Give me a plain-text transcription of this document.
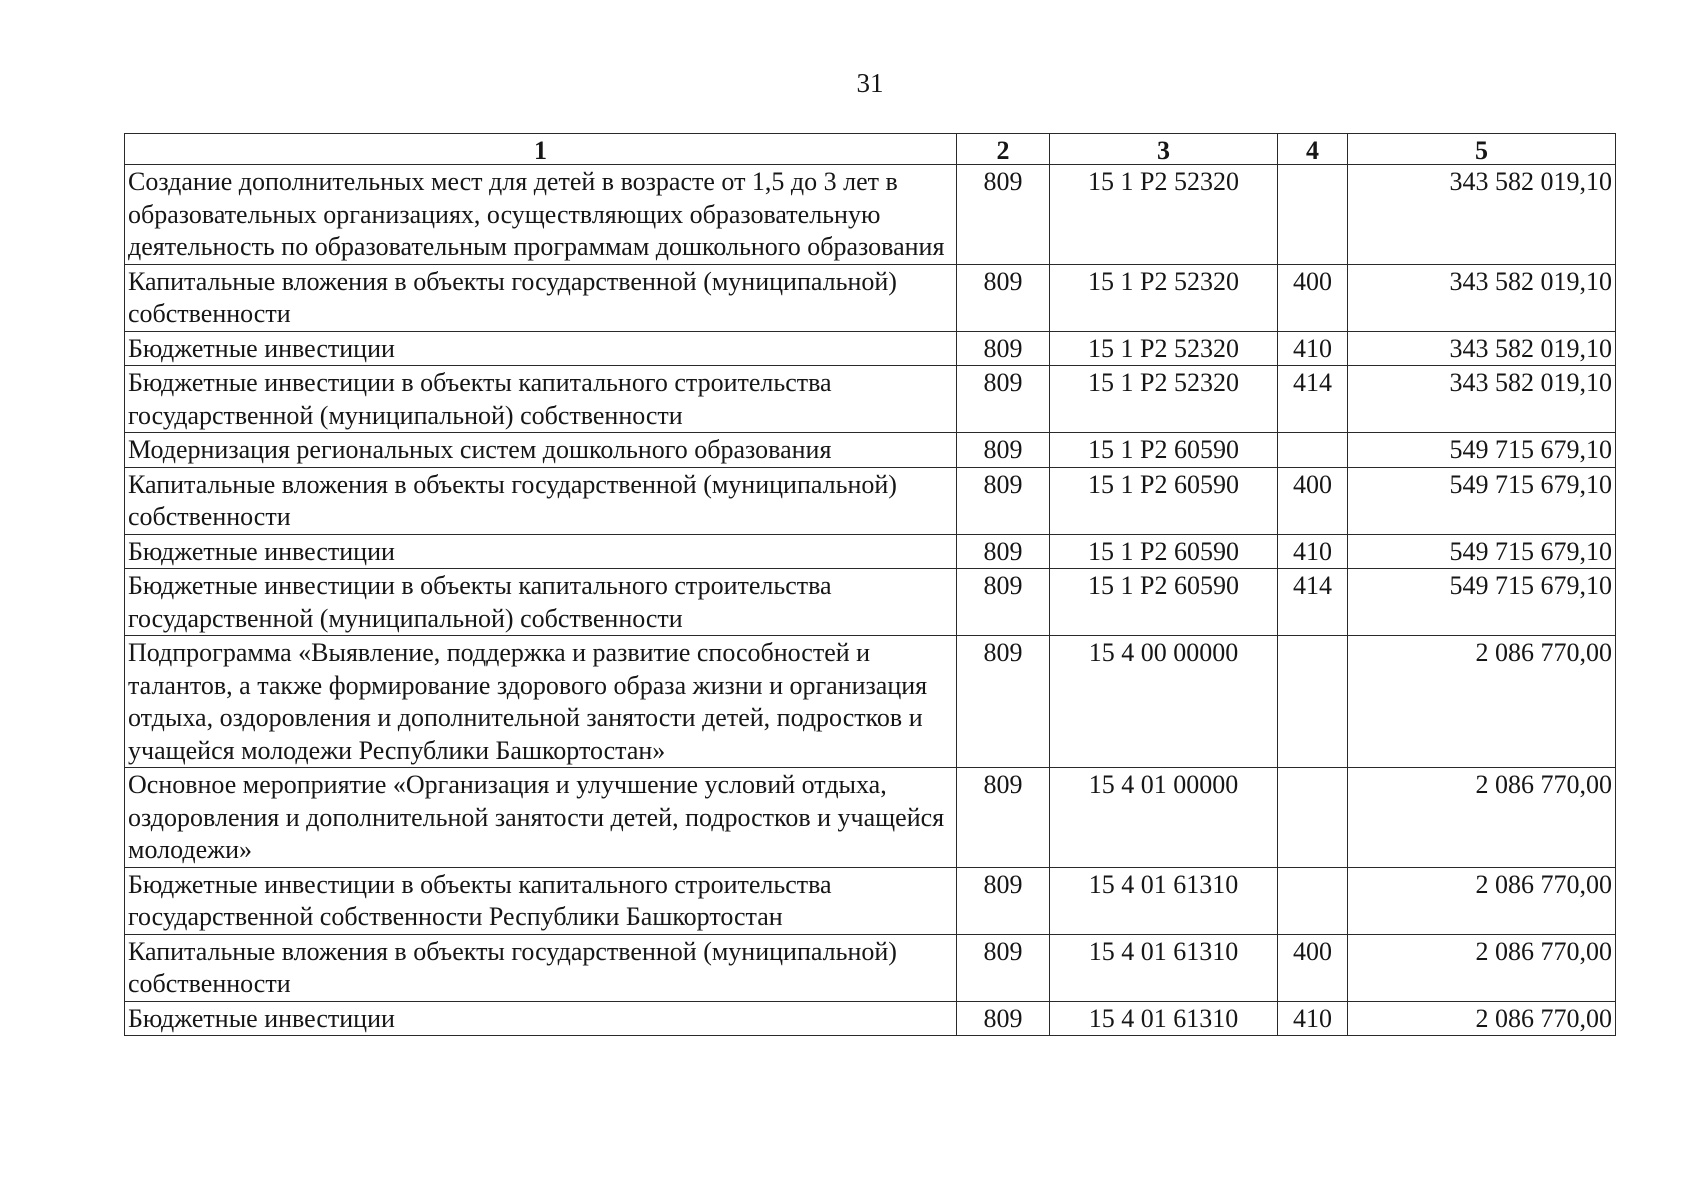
31
1	2	3	4	5
Создание дополнительных мест для детей в возрасте от 1,5 до 3 лет в образовательных организациях, осуществляющих образовательную деятельность по образовательным программам дошкольного образования	809	15 1 P2 52320		343 582 019,10
Капитальные вложения в объекты государственной (муниципальной) собственности	809	15 1 P2 52320	400	343 582 019,10
Бюджетные инвестиции	809	15 1 P2 52320	410	343 582 019,10
Бюджетные инвестиции в объекты капитального строительства государственной (муниципальной) собственности	809	15 1 P2 52320	414	343 582 019,10
Модернизация региональных систем дошкольного образования	809	15 1 P2 60590		549 715 679,10
Капитальные вложения в объекты государственной (муниципальной) собственности	809	15 1 P2 60590	400	549 715 679,10
Бюджетные инвестиции	809	15 1 P2 60590	410	549 715 679,10
Бюджетные инвестиции в объекты капитального строительства государственной (муниципальной) собственности	809	15 1 P2 60590	414	549 715 679,10
Подпрограмма «Выявление, поддержка и развитие способностей и талантов, а также формирование здорового образа жизни и организация отдыха, оздоровления и дополнительной занятости детей, подростков и учащейся молодежи Республики Башкортостан»	809	15 4 00 00000		2 086 770,00
Основное мероприятие «Организация и улучшение условий отдыха, оздоровления и дополнительной занятости детей, подростков и учащейся молодежи»	809	15 4 01 00000		2 086 770,00
Бюджетные инвестиции в объекты капитального строительства государственной собственности Республики Башкортостан	809	15 4 01 61310		2 086 770,00
Капитальные вложения в объекты государственной (муниципальной) собственности	809	15 4 01 61310	400	2 086 770,00
Бюджетные инвестиции	809	15 4 01 61310	410	2 086 770,00
